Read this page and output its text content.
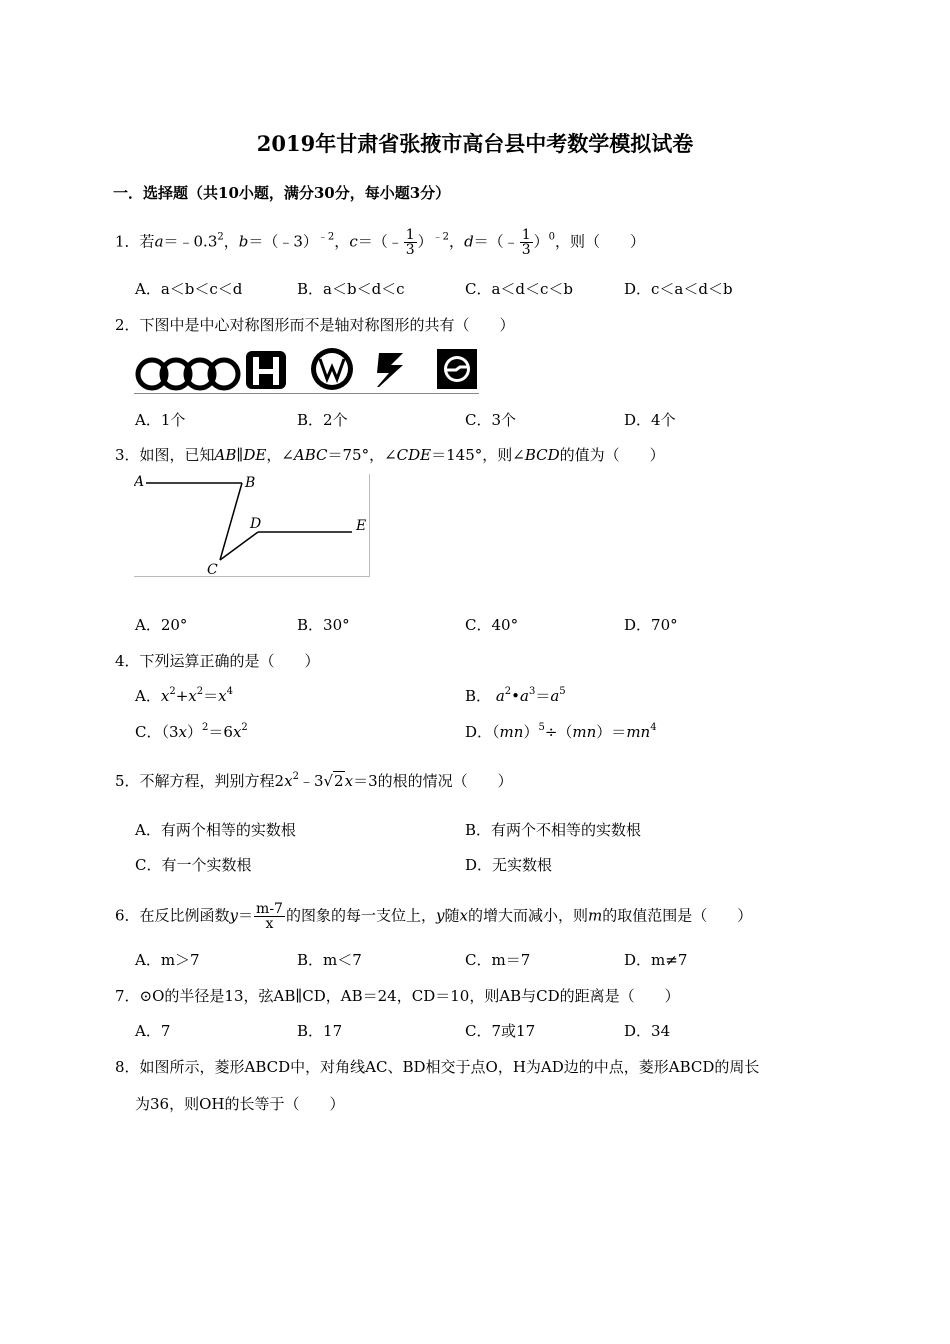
2019年甘肃省张掖市高台县中考数学模拟试卷
一．选择题（共10小题，满分30分，每小题3分）
1．若$a=﹣0.3^2$，b＝（﹣3）$^{﹣2}$，c＝（﹣ $\frac{1}{3} )^{﹣2}$，d＝（﹣ $\frac{1}{3} )^0$，则（　　）
A．a＜b＜c＜d	B．a＜b＜d＜c	C．a＜d＜c＜b	D．c＜a＜d＜b
2．下图中是中心对称图形而不是轴对称图形的共有（　　）
A．1个	B．2个	C．3个	D．4个
3．如图，已知AB∥DE，∠ABC＝75°，∠CDE＝145°，则∠BCD的值为（　　）
A	B
C
D	E
A．20°	B．30°	C．40°	D．70°
4．下列运算正确的是（　　）
A．$x^2+x^2=x^4$	B． $a^2•a^3=a^5$
C．$(3x)^2=6x^2$	D．$(mn)^5\div(mn)=mn^4$
5．不解方程，判别方程$2x^2﹣3√2x=3$的根的情况（　　）
A．有两个相等的实数根	B．有两个不相等的实数根
C．有一个实数根	D．无实数根
6．在反比例函数$y= \frac{m-7}{x}$ 的图象的每一支位上，y随x的增大而减小，则m的取值范围是（　　）
A．m＞7	B．m＜7	C．m＝7	D．m≠7
7．⊙O的半径是13，弦AB∥CD，AB＝24，CD＝10，则AB与CD的距离是（　　）
A．7	B．17	C．7或17	D．34
8．如图所示，菱形ABCD中，对角线AC、BD相交于点O，H为AD边的中点，菱形ABCD的周长
为36，则OH的长等于（　　）
